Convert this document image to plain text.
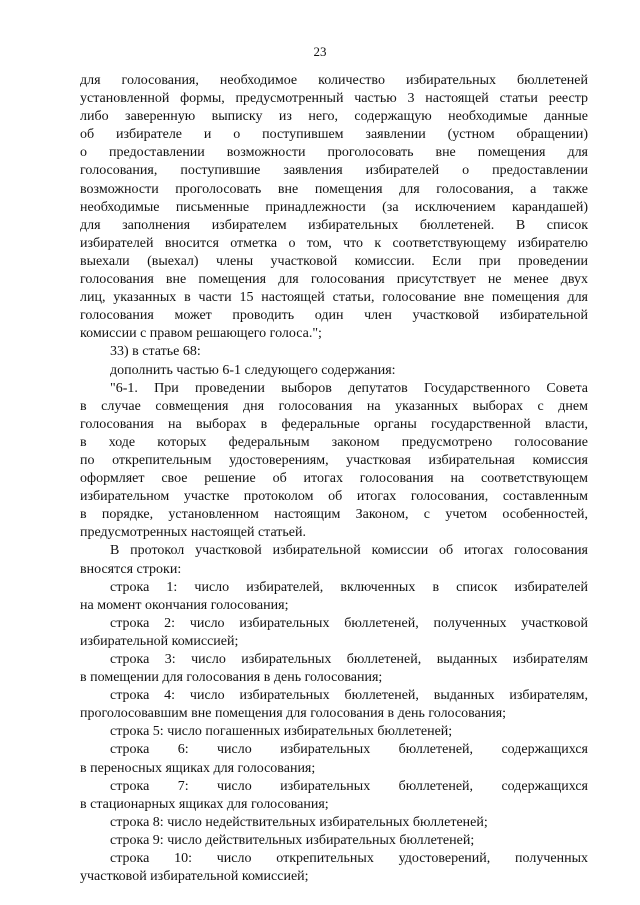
23

для голосования, необходимое количество избирательных бюллетеней

установленной формы, предусмотренный частью 3 настоящей статьи реестр

либо заверенную выписку из него, содержащую необходимые данные

об избирателе и о поступившем заявлении (устном обращении)

о предоставлении возможности проголосовать вне помещения для

голосования, поступившие заявления избирателей о предоставлении

возможности проголосовать вне помещения для голосования, а также

необходимые письменные принадлежности (за исключением карандашей)

для заполнения избирателем избирательных бюллетеней. В список

избирателей вносится отметка о том, что к соответствующему избирателю

выехали (выехал) члены участковой комиссии. Если при проведении

голосования вне помещения для голосования присутствует не менее двух

лиц, указанных в части 15 настоящей статьи, голосование вне помещения для

голосования может проводить один член участковой избирательной

комиссии с правом решающего голоса.";

33) в статье 68:

дополнить частью 6-1 следующего содержания:

"6-1. При проведении выборов депутатов Государственного Совета

в случае совмещения дня голосования на указанных выборах с днем

голосования на выборах в федеральные органы государственной власти,

в ходе которых федеральным законом предусмотрено голосование

по открепительным удостоверениям, участковая избирательная комиссия

оформляет свое решение об итогах голосования на соответствующем

избирательном участке протоколом об итогах голосования, составленным

в порядке, установленном настоящим Законом, с учетом особенностей,

предусмотренных настоящей статьей.

В протокол участковой избирательной комиссии об итогах голосования

вносятся строки:

строка 1: число избирателей, включенных в список избирателей

на момент окончания голосования;

строка 2: число избирательных бюллетеней, полученных участковой

избирательной комиссией;

строка 3: число избирательных бюллетеней, выданных избирателям

в помещении для голосования в день голосования;

строка 4: число избирательных бюллетеней, выданных избирателям,

проголосовавшим вне помещения для голосования в день голосования;

строка 5: число погашенных избирательных бюллетеней;

строка 6: число избирательных бюллетеней, содержащихся

в переносных ящиках для голосования;

строка 7: число избирательных бюллетеней, содержащихся

в стационарных ящиках для голосования;

строка 8: число недействительных избирательных бюллетеней;

строка 9: число действительных избирательных бюллетеней;

строка 10: число открепительных удостоверений, полученных

участковой избирательной комиссией;
